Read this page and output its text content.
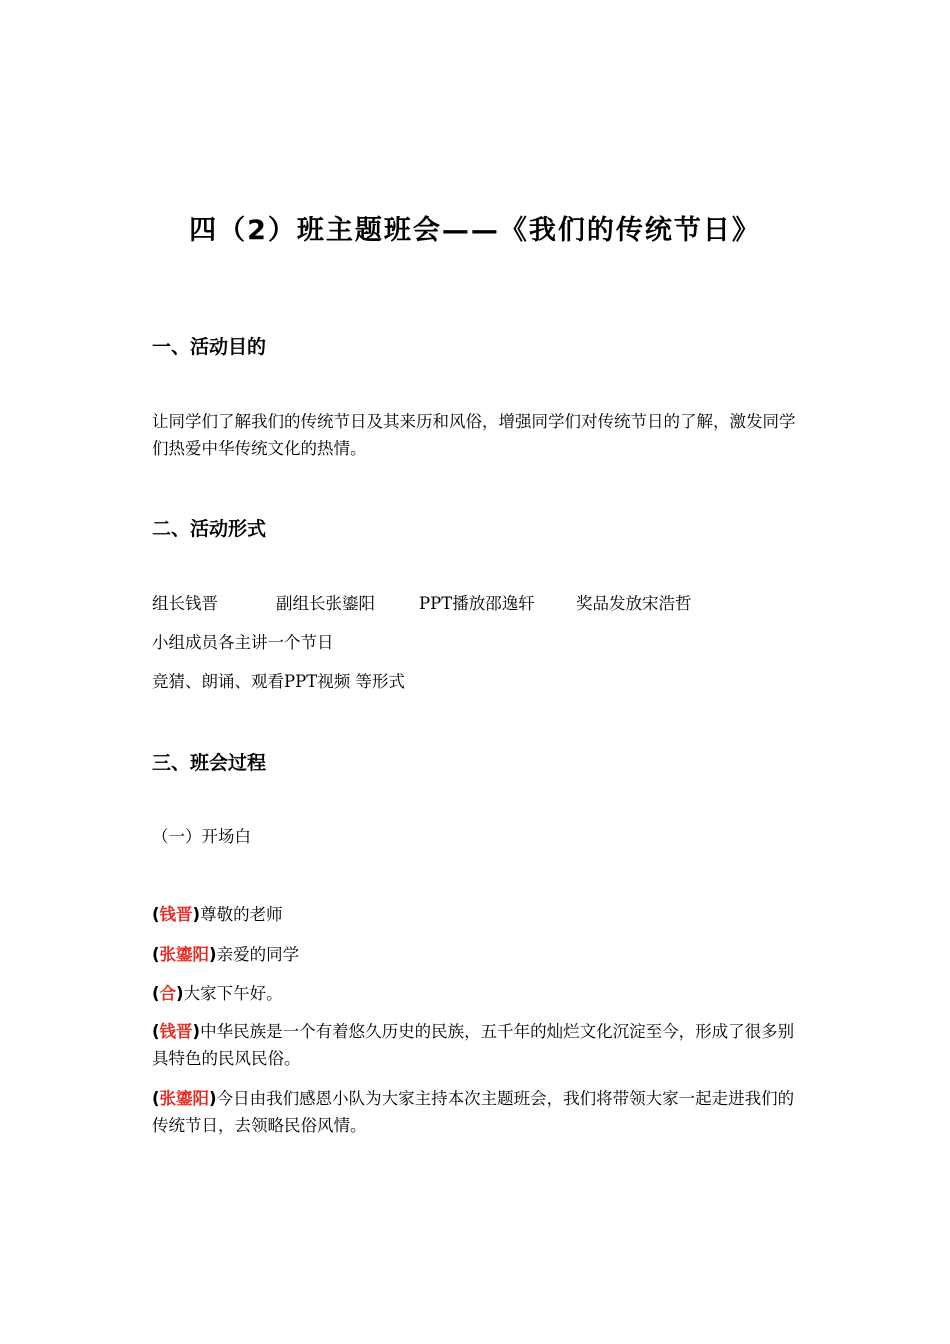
四（2）班主题班会——《我们的传统节日》
一、活动目的
让同学们了解我们的传统节日及其来历和风俗，增强同学们对传统节日的了解，激发同学们热爱中华传统文化的热情。
二、活动形式
组长钱晋	副组长张鎏阳	PPT播放邵逸轩	奖品发放宋浩哲
小组成员各主讲一个节日
竞猜、朗诵、观看PPT视频 等形式
三、班会过程
（一）开场白
(钱晋)尊敬的老师
(张鎏阳)亲爱的同学
(合)大家下午好。
(钱晋)中华民族是一个有着悠久历史的民族，五千年的灿烂文化沉淀至今，形成了很多别具特色的民风民俗。
(张鎏阳)今日由我们感恩小队为大家主持本次主题班会，我们将带领大家一起走进我们的传统节日，去领略民俗风情。
